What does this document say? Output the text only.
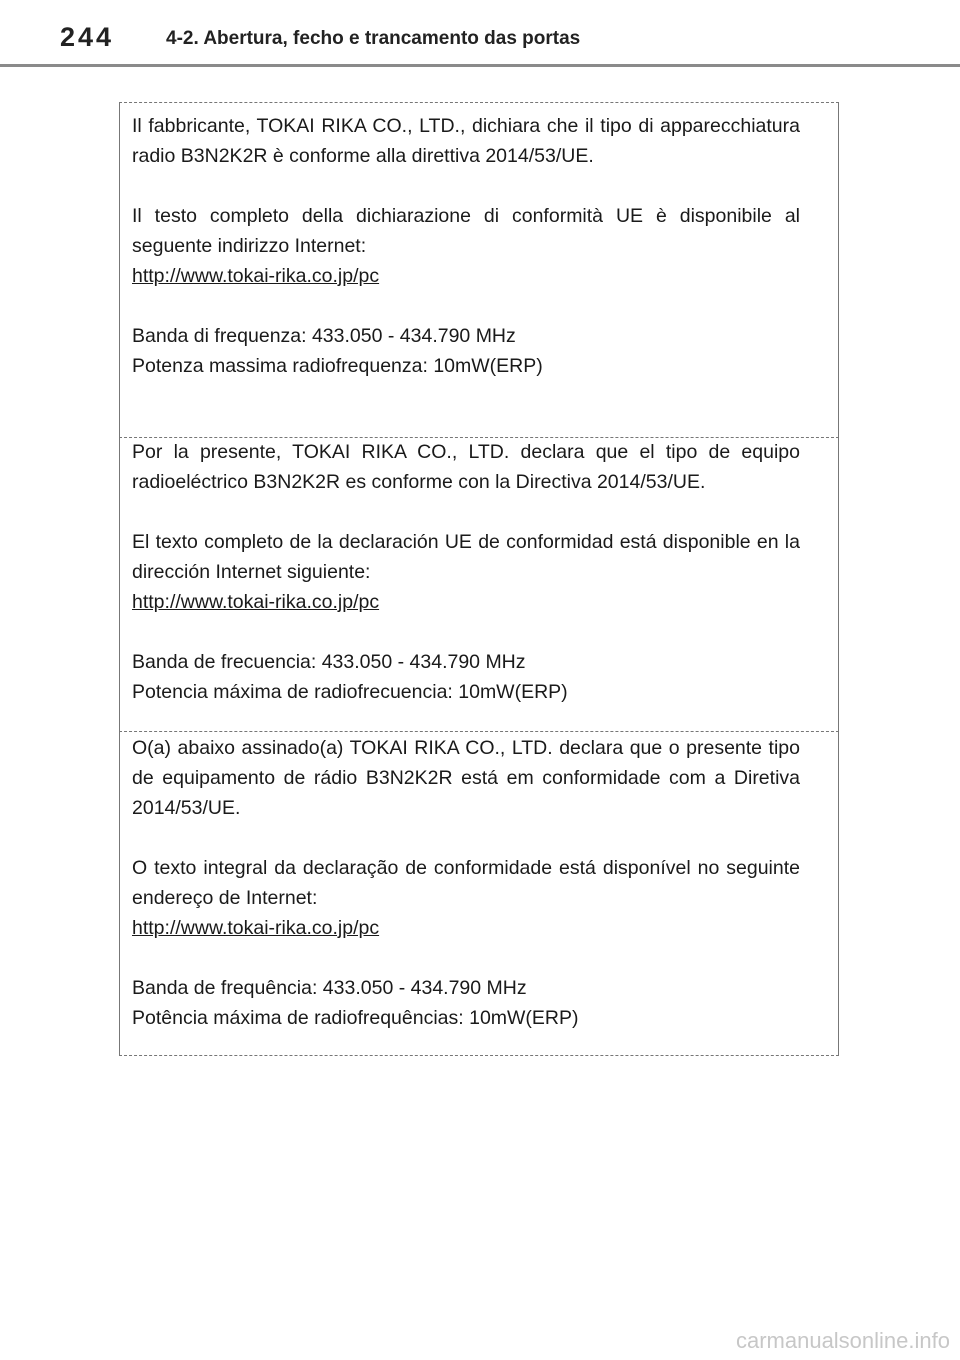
244	4-2. Abertura, fecho e trancamento das portas

Il fabbricante, TOKAI RIKA CO., LTD., dichiara che il tipo di apparecchiatura radio B3N2K2R è conforme alla direttiva 2014/53/UE.

Il testo completo della dichiarazione di conformità UE è disponibile al seguente indirizzo Internet:

http://www.tokai-rika.co.jp/pc

Banda di frequenza: 433.050 - 434.790 MHz

Potenza massima radiofrequenza: 10mW(ERP)

Por la presente, TOKAI RIKA CO., LTD. declara que el tipo de equipo radioeléctrico B3N2K2R es conforme con la Directiva 2014/53/UE.

El texto completo de la declaración UE de conformidad está disponible en la dirección Internet siguiente:

http://www.tokai-rika.co.jp/pc

Banda de frecuencia: 433.050 - 434.790 MHz

Potencia máxima de radiofrecuencia: 10mW(ERP)

O(a) abaixo assinado(a) TOKAI RIKA CO., LTD. declara que o presente tipo de equipamento de rádio B3N2K2R está em conformidade com a Diretiva 2014/53/UE.

O texto integral da declaração de conformidade está disponível no seguinte endereço de Internet:

http://www.tokai-rika.co.jp/pc

Banda de frequência: 433.050 - 434.790 MHz

Potência máxima de radiofrequências: 10mW(ERP)

carmanualsonline.info
